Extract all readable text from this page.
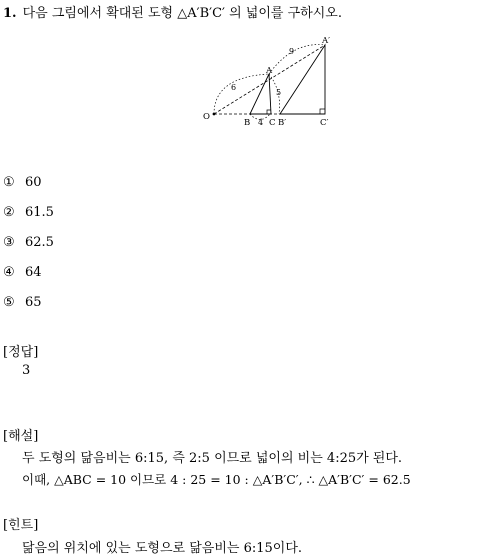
1. 다음 그림에서 확대된 도형 △A′B′C′ 의 넓이를 구하시오.
O
A
A′
B C B′	C′
6
9
5
4
① 60
② 61.5
③ 62.5
④ 64
⑤ 65
[정답]
3
[해설]
두 도형의 닮음비는 6:15, 즉 2:5 이므로 넓이의 비는 4:25가 된다.
이때, △ABC = 10 이므로 4 : 25 = 10 : △A′B′C′, ∴ △A′B′C′ = 62.5
[힌트]
닮음의 위치에 있는 도형으로 닮음비는 6:15이다.
